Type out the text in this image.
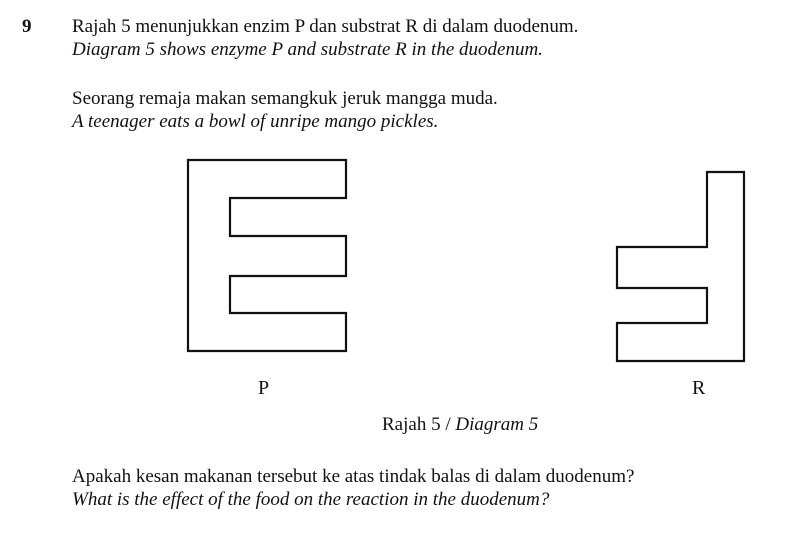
9 Rajah 5 menunjukkan enzim P dan substrat R di dalam duodenum.
Diagram 5 shows enzyme P and substrate R in the duodenum.
Seorang remaja makan semangkuk jeruk mangga muda.
A teenager eats a bowl of unripe mango pickles.
P	R
Rajah 5 / Diagram 5
Apakah kesan makanan tersebut ke atas tindak balas di dalam duodenum?
What is the effect of the food on the reaction in the duodenum?
